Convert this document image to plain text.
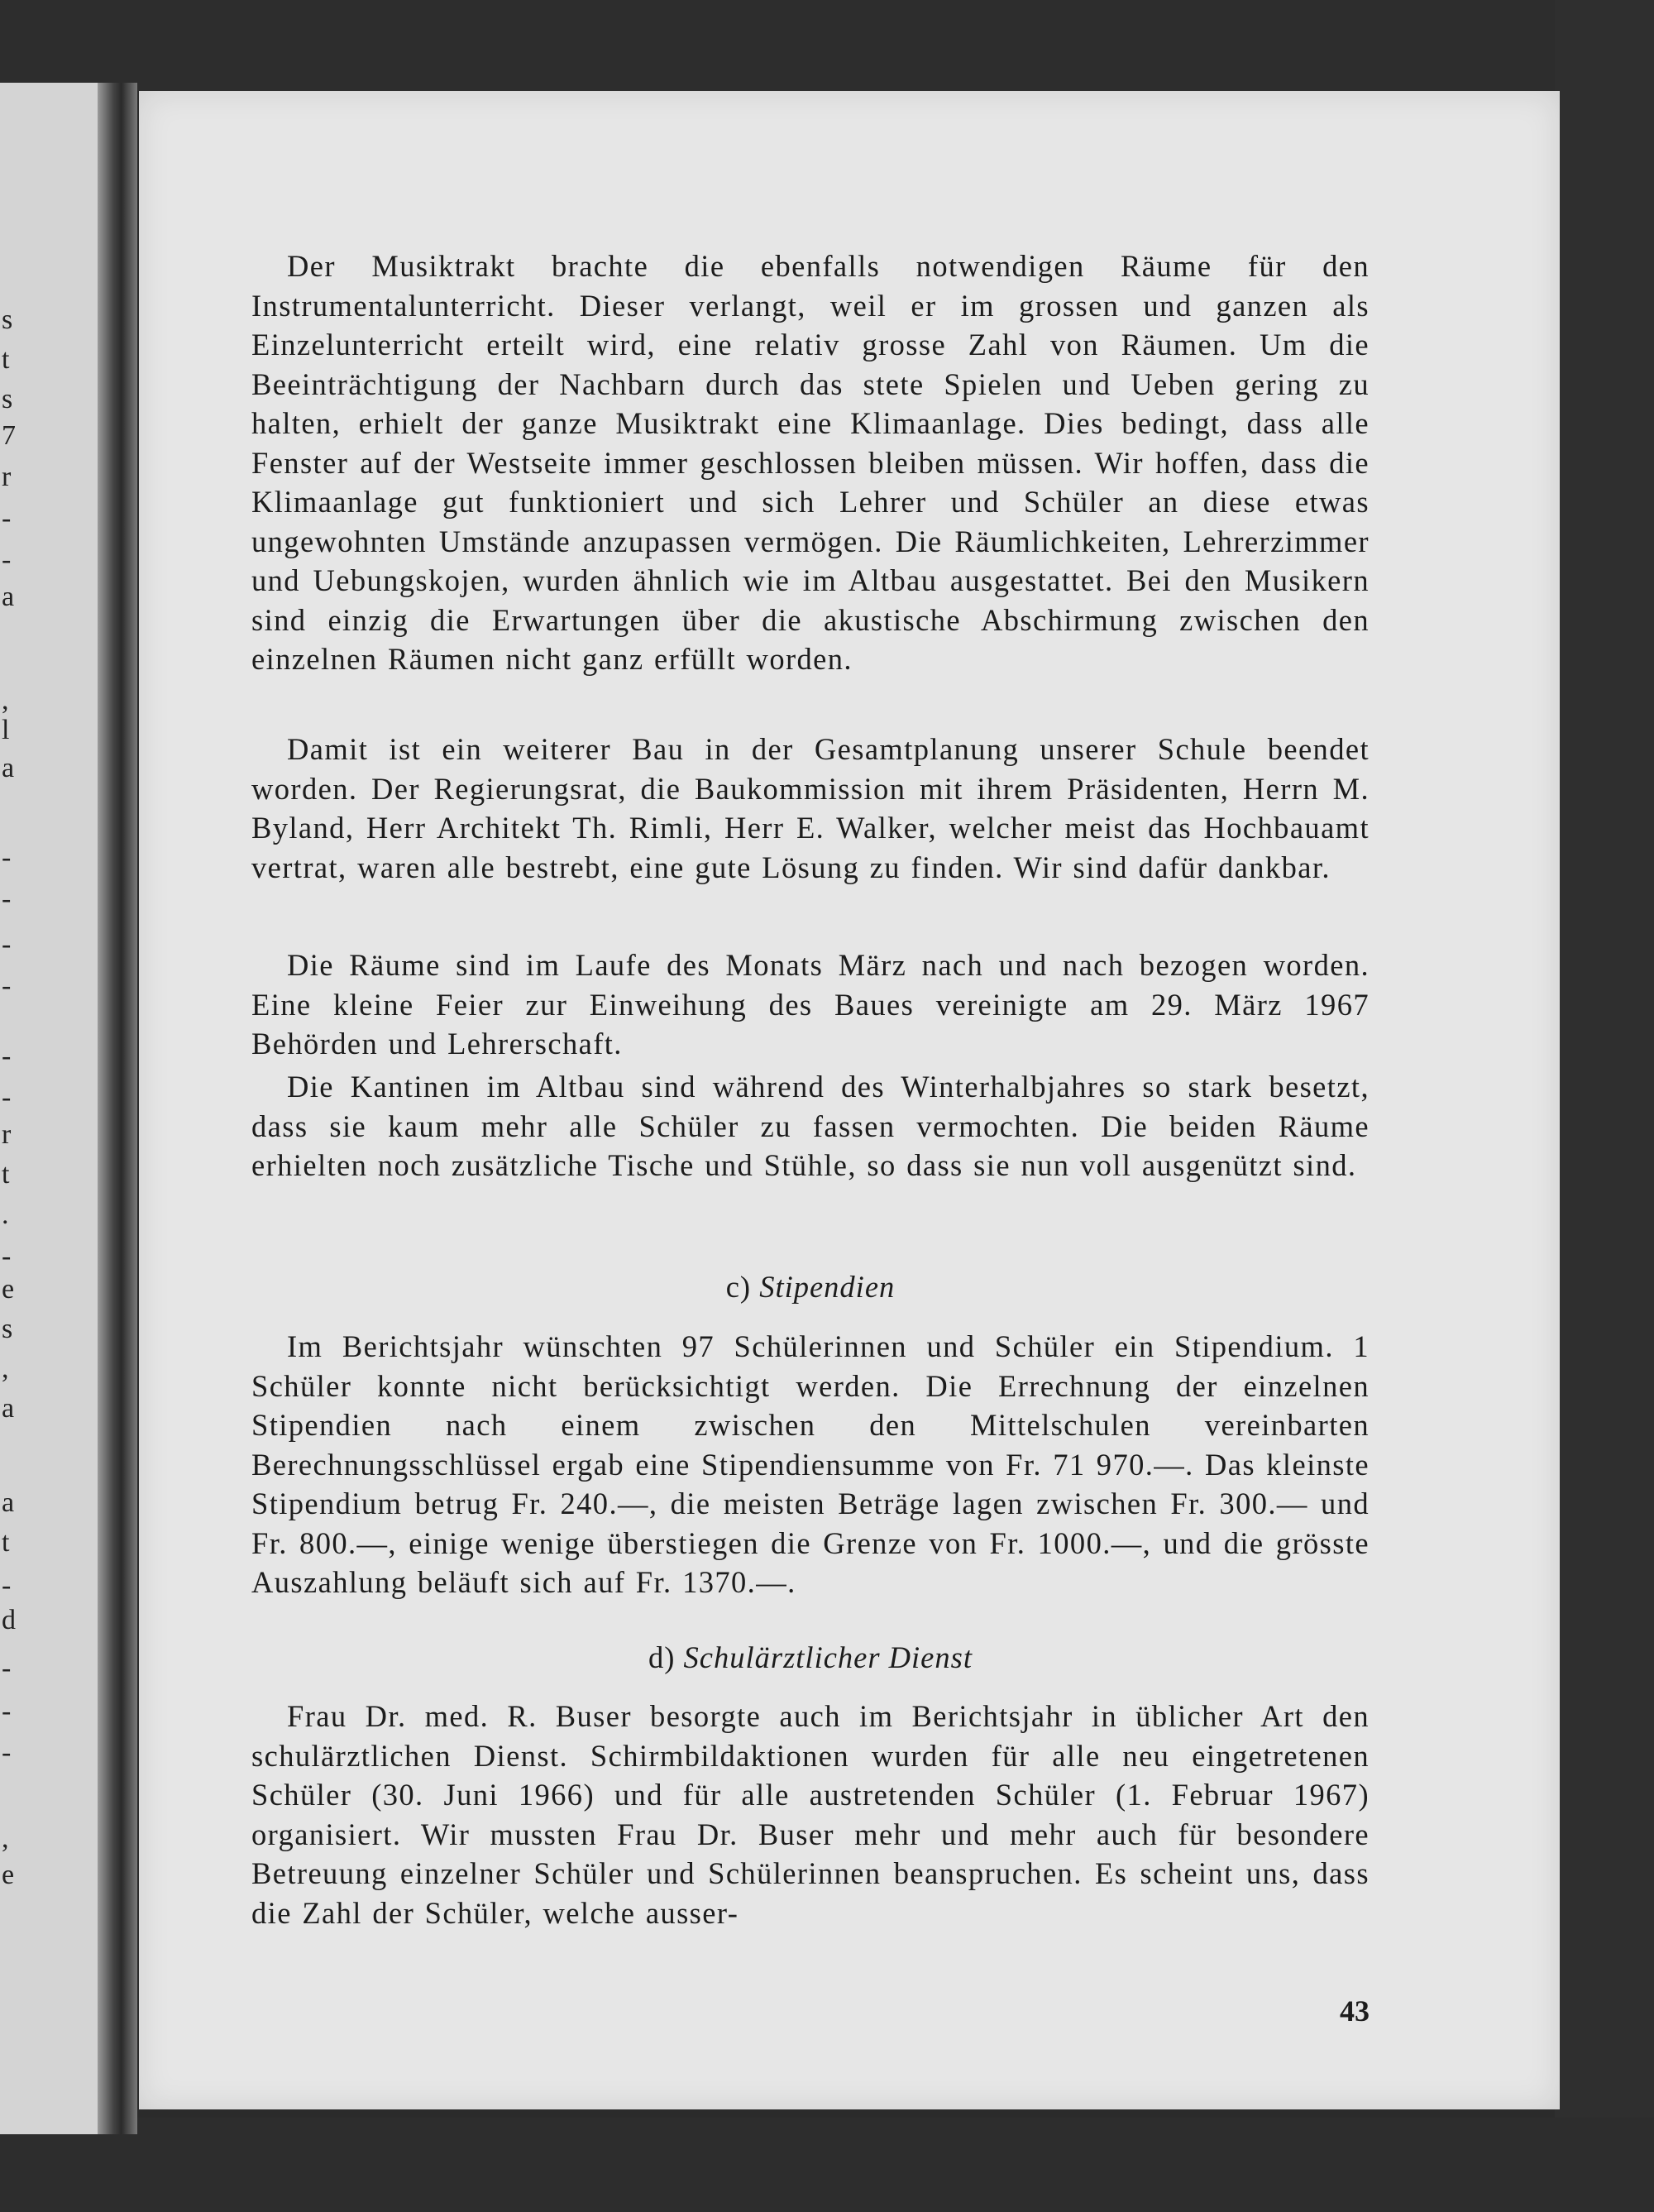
s
t
s
7
r
-
-
a
,
l
a
-
-
-
-
-
-
r
t
.
-
e
s
,
a
a
t
-
d
-
-
-
,
e

Der Musiktrakt brachte die ebenfalls notwendigen Räume für den Instrumentalunterricht. Dieser verlangt, weil er im grossen und ganzen als Einzelunterricht erteilt wird, eine relativ grosse Zahl von Räumen. Um die Beeinträchtigung der Nachbarn durch das stete Spielen und Ueben gering zu halten, erhielt der ganze Musiktrakt eine Klimaanlage. Dies bedingt, dass alle Fenster auf der Westseite immer geschlossen bleiben müssen. Wir hoffen, dass die Klimaanlage gut funktioniert und sich Lehrer und Schüler an diese etwas ungewohnten Umstände anzupassen vermögen. Die Räumlichkeiten, Lehrerzimmer und Uebungskojen, wurden ähnlich wie im Altbau ausgestattet. Bei den Musikern sind einzig die Erwartungen über die akustische Abschirmung zwischen den einzelnen Räumen nicht ganz erfüllt worden.

Damit ist ein weiterer Bau in der Gesamtplanung unserer Schule beendet worden. Der Regierungsrat, die Baukommission mit ihrem Präsidenten, Herrn M. Byland, Herr Architekt Th. Rimli, Herr E. Walker, welcher meist das Hochbauamt vertrat, waren alle bestrebt, eine gute Lösung zu finden. Wir sind dafür dankbar.

Die Räume sind im Laufe des Monats März nach und nach bezogen worden. Eine kleine Feier zur Einweihung des Baues vereinigte am 29. März 1967 Behörden und Lehrerschaft.

Die Kantinen im Altbau sind während des Winterhalbjahres so stark besetzt, dass sie kaum mehr alle Schüler zu fassen vermochten. Die beiden Räume erhielten noch zusätzliche Tische und Stühle, so dass sie nun voll ausgenützt sind.

c) Stipendien

Im Berichtsjahr wünschten 97 Schülerinnen und Schüler ein Stipendium. 1 Schüler konnte nicht berücksichtigt werden. Die Errechnung der einzelnen Stipendien nach einem zwischen den Mittelschulen vereinbarten Berechnungsschlüssel ergab eine Stipendiensumme von Fr. 71 970.—. Das kleinste Stipendium betrug Fr. 240.—, die meisten Beträge lagen zwischen Fr. 300.— und Fr. 800.—, einige wenige überstiegen die Grenze von Fr. 1000.—, und die grösste Auszahlung beläuft sich auf Fr. 1370.—.

d) Schulärztlicher Dienst

Frau Dr. med. R. Buser besorgte auch im Berichtsjahr in üblicher Art den schulärztlichen Dienst. Schirmbildaktionen wurden für alle neu eingetretenen Schüler (30. Juni 1966) und für alle austretenden Schüler (1. Februar 1967) organisiert. Wir mussten Frau Dr. Buser mehr und mehr auch für besondere Betreuung einzelner Schüler und Schülerinnen beanspruchen. Es scheint uns, dass die Zahl der Schüler, welche ausser-

43
